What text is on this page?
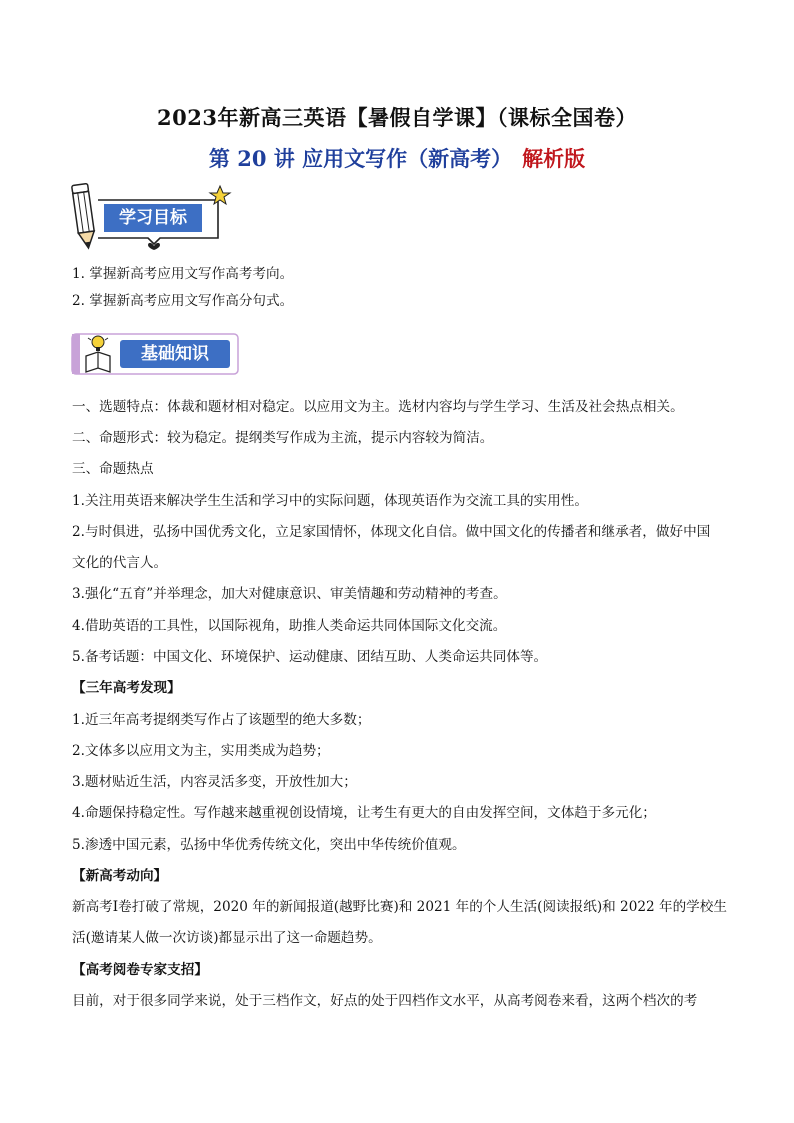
2023年新高三英语【暑假自学课】（课标全国卷）
第 20 讲 应用文写作（新高考） 解析版
学习目标
1. 掌握新高考应用文写作高考考向。
2. 掌握新高考应用文写作高分句式。
基础知识
一、选题特点：体裁和题材相对稳定。以应用文为主。选材内容均与学生学习、生活及社会热点相关。
二、命题形式：较为稳定。提纲类写作成为主流，提示内容较为简洁。
三、命题热点
1.关注用英语来解决学生生活和学习中的实际问题，体现英语作为交流工具的实用性。
2.与时俱进，弘扬中国优秀文化，立足家国情怀，体现文化自信。做中国文化的传播者和继承者，做好中国
文化的代言人。
3.强化“五育”并举理念，加大对健康意识、审美情趣和劳动精神的考查。
4.借助英语的工具性，以国际视角，助推人类命运共同体国际文化交流。
5.备考话题：中国文化、环境保护、运动健康、团结互助、人类命运共同体等。
【三年高考发现】
1.近三年高考提纲类写作占了该题型的绝大多数；
2.文体多以应用文为主，实用类成为趋势；
3.题材贴近生活，内容灵活多变，开放性加大；
4.命题保持稳定性。写作越来越重视创设情境，让考生有更大的自由发挥空间，文体趋于多元化；
5.渗透中国元素，弘扬中华优秀传统文化，突出中华传统价值观。
【新高考动向】
新高考Ⅰ卷打破了常规，2020 年的新闻报道(越野比赛)和 2021 年的个人生活(阅读报纸)和 2022 年的学校生
活(邀请某人做一次访谈)都显示出了这一命题趋势。
【高考阅卷专家支招】
目前，对于很多同学来说，处于三档作文，好点的处于四档作文水平，从高考阅卷来看，这两个档次的考
